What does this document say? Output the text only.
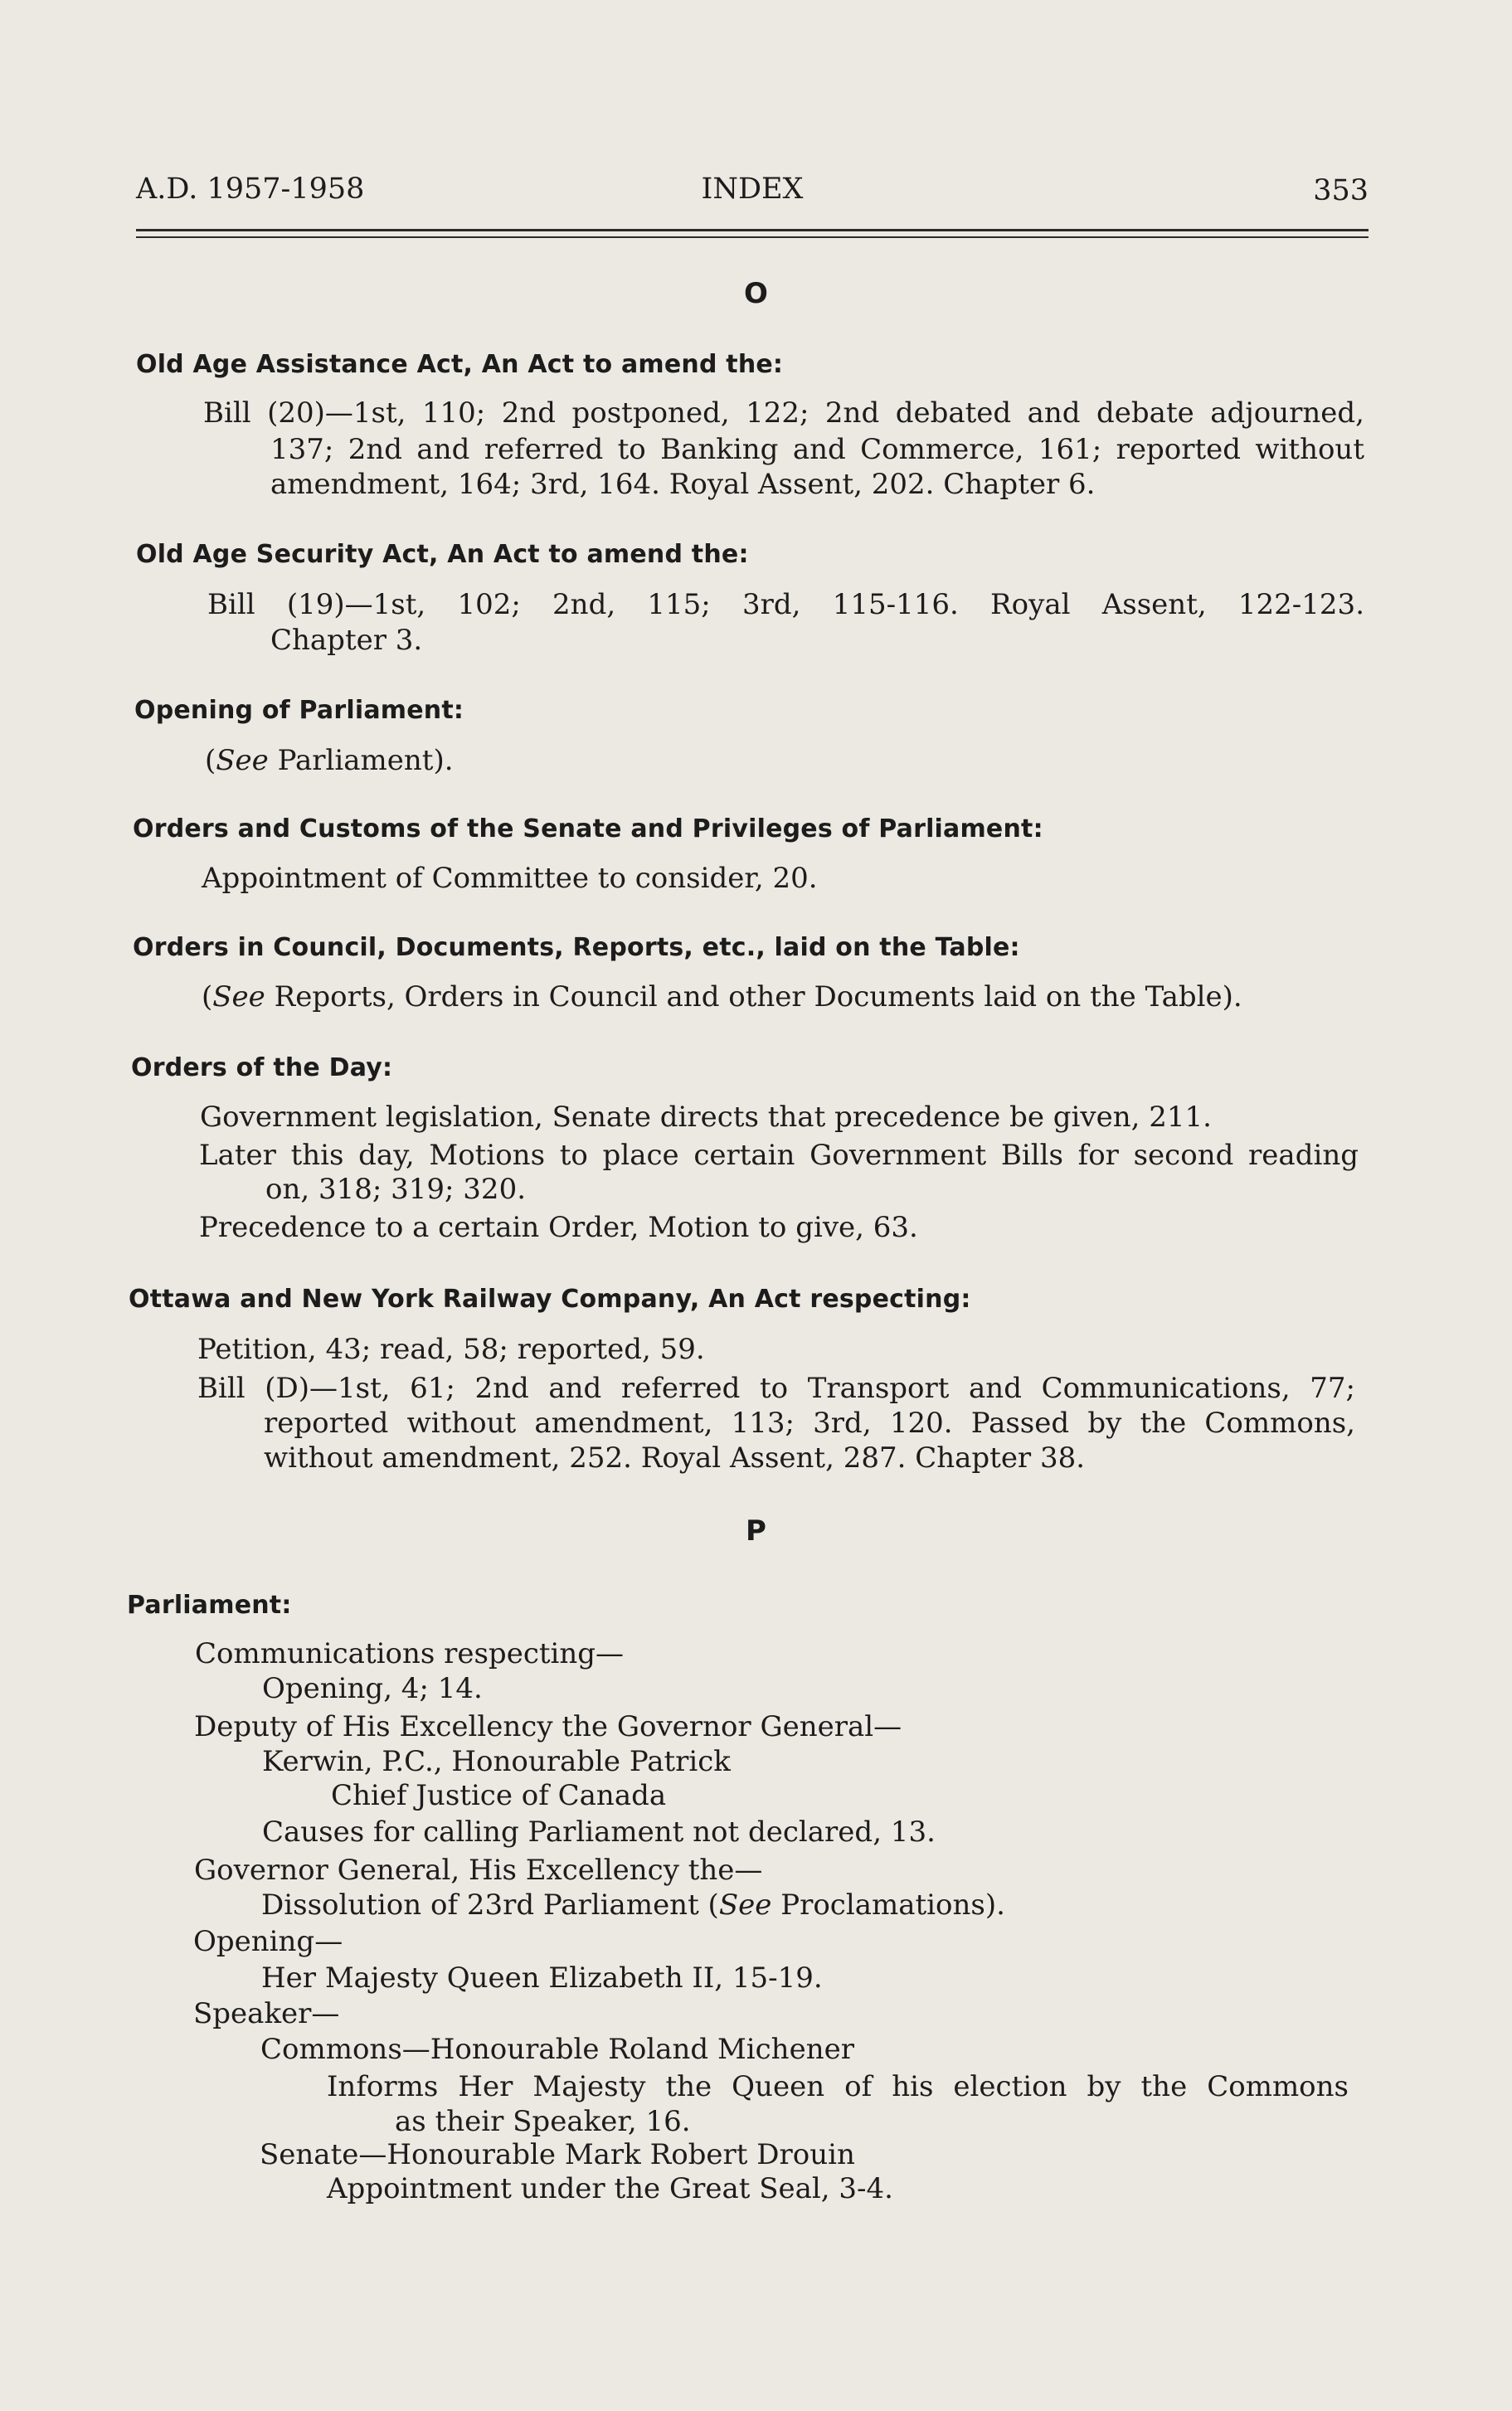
A.D. 1957-1958	INDEX	353
O
Old Age Assistance Act, An Act to amend the:
Bill (20)—1st, 110; 2nd postponed, 122; 2nd debated and debate adjourned,
137; 2nd and referred to Banking and Commerce, 161; reported without
amendment, 164; 3rd, 164. Royal Assent, 202. Chapter 6.
Old Age Security Act, An Act to amend the:
Bill (19)—1st, 102; 2nd, 115; 3rd, 115-116. Royal Assent, 122-123.
Chapter 3.
Opening of Parliament:
(See Parliament).
Orders and Customs of the Senate and Privileges of Parliament:
Appointment of Committee to consider, 20.
Orders in Council, Documents, Reports, etc., laid on the Table:
(See Reports, Orders in Council and other Documents laid on the Table).
Orders of the Day:
Government legislation, Senate directs that precedence be given, 211.
Later this day, Motions to place certain Government Bills for second reading
on, 318; 319; 320.
Precedence to a certain Order, Motion to give, 63.
Ottawa and New York Railway Company, An Act respecting:
Petition, 43; read, 58; reported, 59.
Bill (D)—1st, 61; 2nd and referred to Transport and Communications, 77;
reported without amendment, 113; 3rd, 120. Passed by the Commons,
without amendment, 252. Royal Assent, 287. Chapter 38.
P
Parliament:
Communications respecting—
Opening, 4; 14.
Deputy of His Excellency the Governor General—
Kerwin, P.C., Honourable Patrick
Chief Justice of Canada
Causes for calling Parliament not declared, 13.
Governor General, His Excellency the—
Dissolution of 23rd Parliament (See Proclamations).
Opening—
Her Majesty Queen Elizabeth II, 15-19.
Speaker—
Commons—Honourable Roland Michener
Informs Her Majesty the Queen of his election by the Commons
as their Speaker, 16.
Senate—Honourable Mark Robert Drouin
Appointment under the Great Seal, 3-4.
